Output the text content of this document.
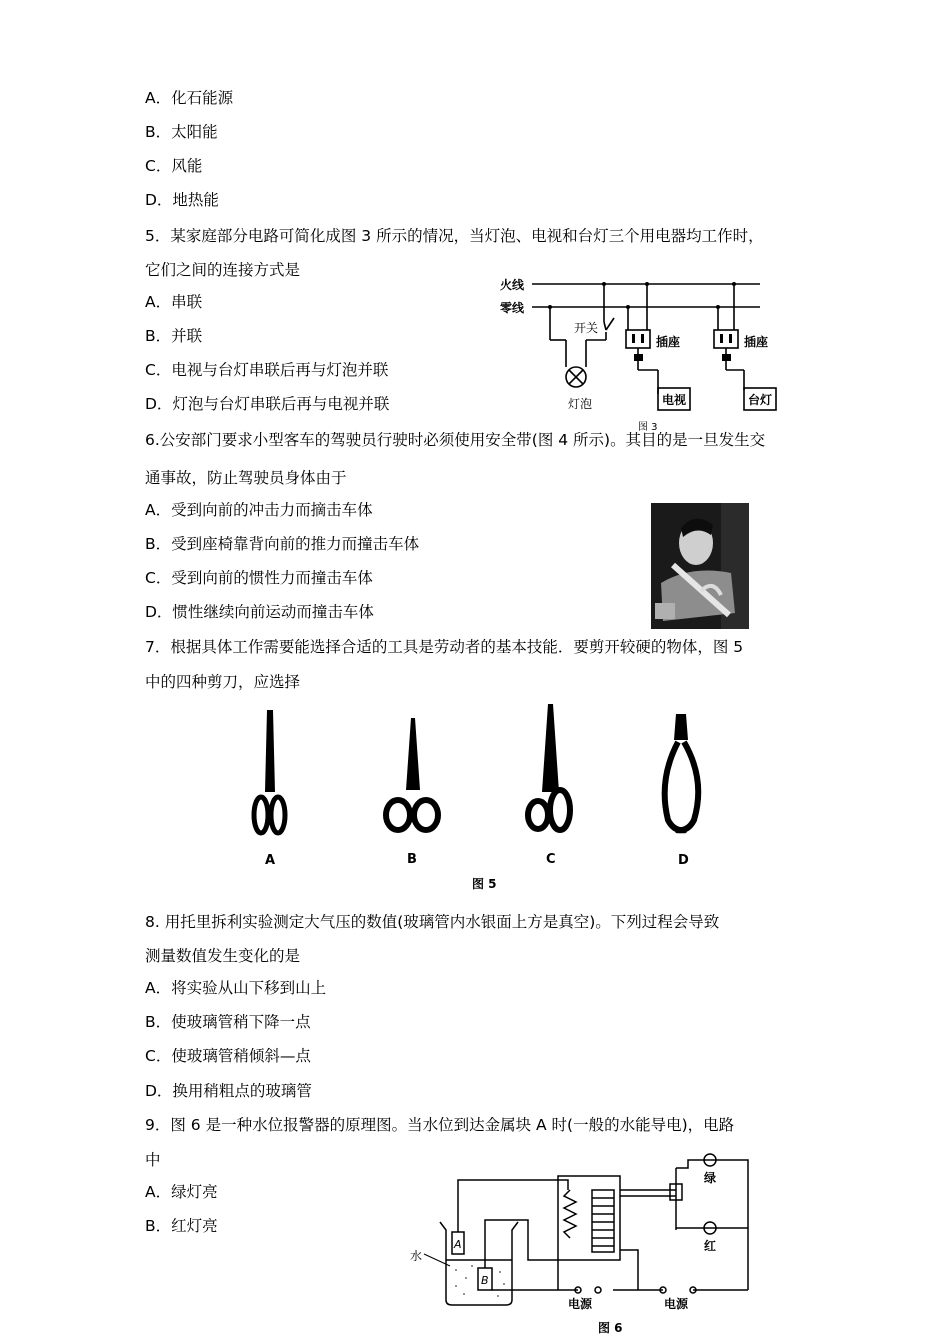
A．化石能源
B．太阳能
C．风能
D．地热能
5．某家庭部分电路可简化成图 3 所示的情况，当灯泡、电视和台灯三个用电器均工作时，
它们之间的连接方式是
A．串联
B．并联
C．电视与台灯串联后再与灯泡并联
D．灯泡与台灯串联后再与电视并联
火线
零线
开关
插座	插座
灯泡	电视	台灯
图 3
6.公安部门要求小型客车的驾驶员行驶时必须使用安全带(图 4 所示)。其目的是一旦发生交
通事故，防止驾驶员身体由于
A．受到向前的冲击力而摘击车体
B．受到座椅靠背向前的推力而撞击车体
C．受到向前的惯性力而撞击车体
D．惯性继续向前运动而撞击车体
7．根据具体工作需要能选择合适的工具是劳动者的基本技能．要剪开较硬的物体，图 5
中的四种剪刀，应选择
A	B	C	D
图 5
8. 用托里拆利实验测定大气压的数值(玻璃管内水银面上方是真空)。下列过程会导致
测量数值发生变化的是
A．将实验从山下移到山上
B．使玻璃管稍下降一点
C．使玻璃管稍倾斜—点
D．换用稍粗点的玻璃管
9．图 6 是一种水位报警器的原理图。当水位到达金属块 A 时(一般的水能导电)，电路
中
A．绿灯亮
B．红灯亮
水
A
B
绿
红
电源	电源
图 6
